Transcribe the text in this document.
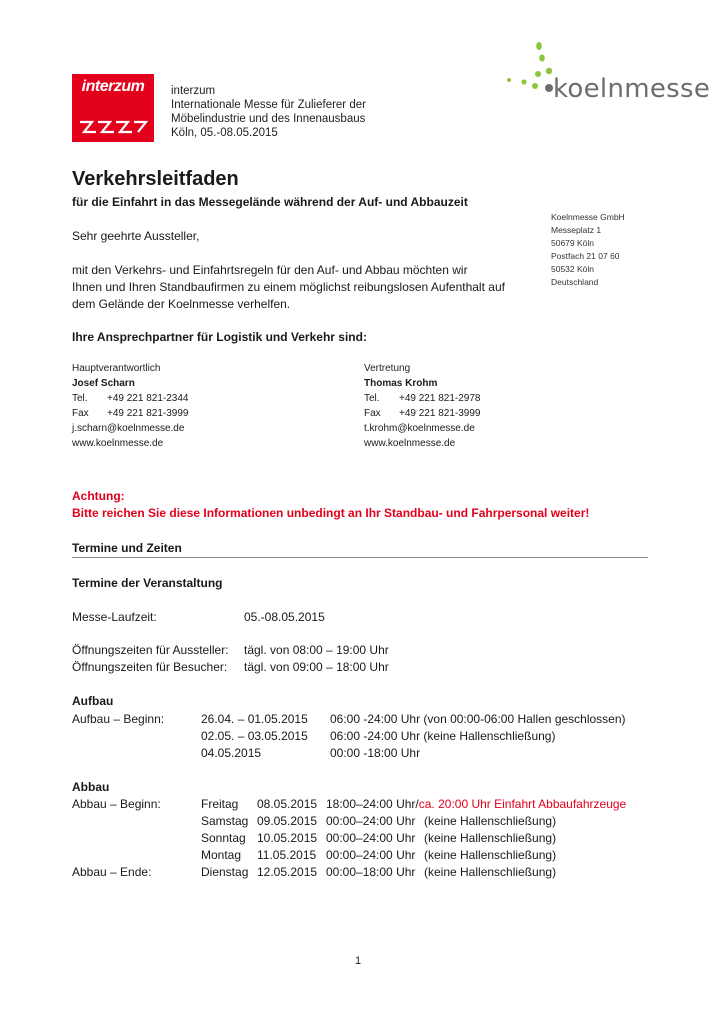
interzum	interzum
Internationale Messe für Zulieferer der
Möbelindustrie und des Innenausbaus
Köln, 05.-08.05.2015
koelnmesse
Verkehrsleitfaden
für die Einfahrt in das Messegelände während der Auf- und Abbauzeit
Koelnmesse GmbH
Messeplatz 1
50679 Köln
Postfach 21 07 60
50532 Köln
Deutschland
Sehr geehrte Aussteller,
mit den Verkehrs- und Einfahrtsregeln für den Auf- und Abbau möchten wir
Ihnen und Ihren Standbaufirmen zu einem möglichst reibungslosen Aufenthalt auf
dem Gelände der Koelnmesse verhelfen.
Ihre Ansprechpartner für Logistik und Verkehr sind:
Hauptverantwortlich
Josef Scharn
Tel. +49 221 821-2344
Fax +49 221 821-3999
j.scharn@koelnmesse.de
www.koelnmesse.de
Vertretung
Thomas Krohm
Tel. +49 221 821-2978
Fax +49 221 821-3999
t.krohm@koelnmesse.de
www.koelnmesse.de
Achtung:
Bitte reichen Sie diese Informationen unbedingt an Ihr Standbau- und Fahrpersonal weiter!
Termine und Zeiten
Termine der Veranstaltung
Messe-Laufzeit:	05.-08.05.2015
Öffnungszeiten für Aussteller: tägl. von 08:00 – 19:00 Uhr
Öffnungszeiten für Besucher: tägl. von 09:00 – 18:00 Uhr
Aufbau
Aufbau – Beginn:	26.04. – 01.05.2015 06:00 -24:00 Uhr (von 00:00-06:00 Hallen geschlossen)
02.05. – 03.05.2015 06:00 -24:00 Uhr (keine Hallenschließung)
04.05.2015	00:00 -18:00 Uhr
Abbau
Abbau – Beginn:	Freitag 08.05.2015 18:00–24:00 Uhr/ca. 20:00 Uhr Einfahrt Abbaufahrzeuge
Samstag 09.05.2015 00:00–24:00 Uhr (keine Hallenschließung)
Sonntag 10.05.2015 00:00–24:00 Uhr (keine Hallenschließung)
Montag 11.05.2015 00:00–24:00 Uhr (keine Hallenschließung)
Abbau – Ende:	Dienstag 12.05.2015 00:00–18:00 Uhr (keine Hallenschließung)
1
